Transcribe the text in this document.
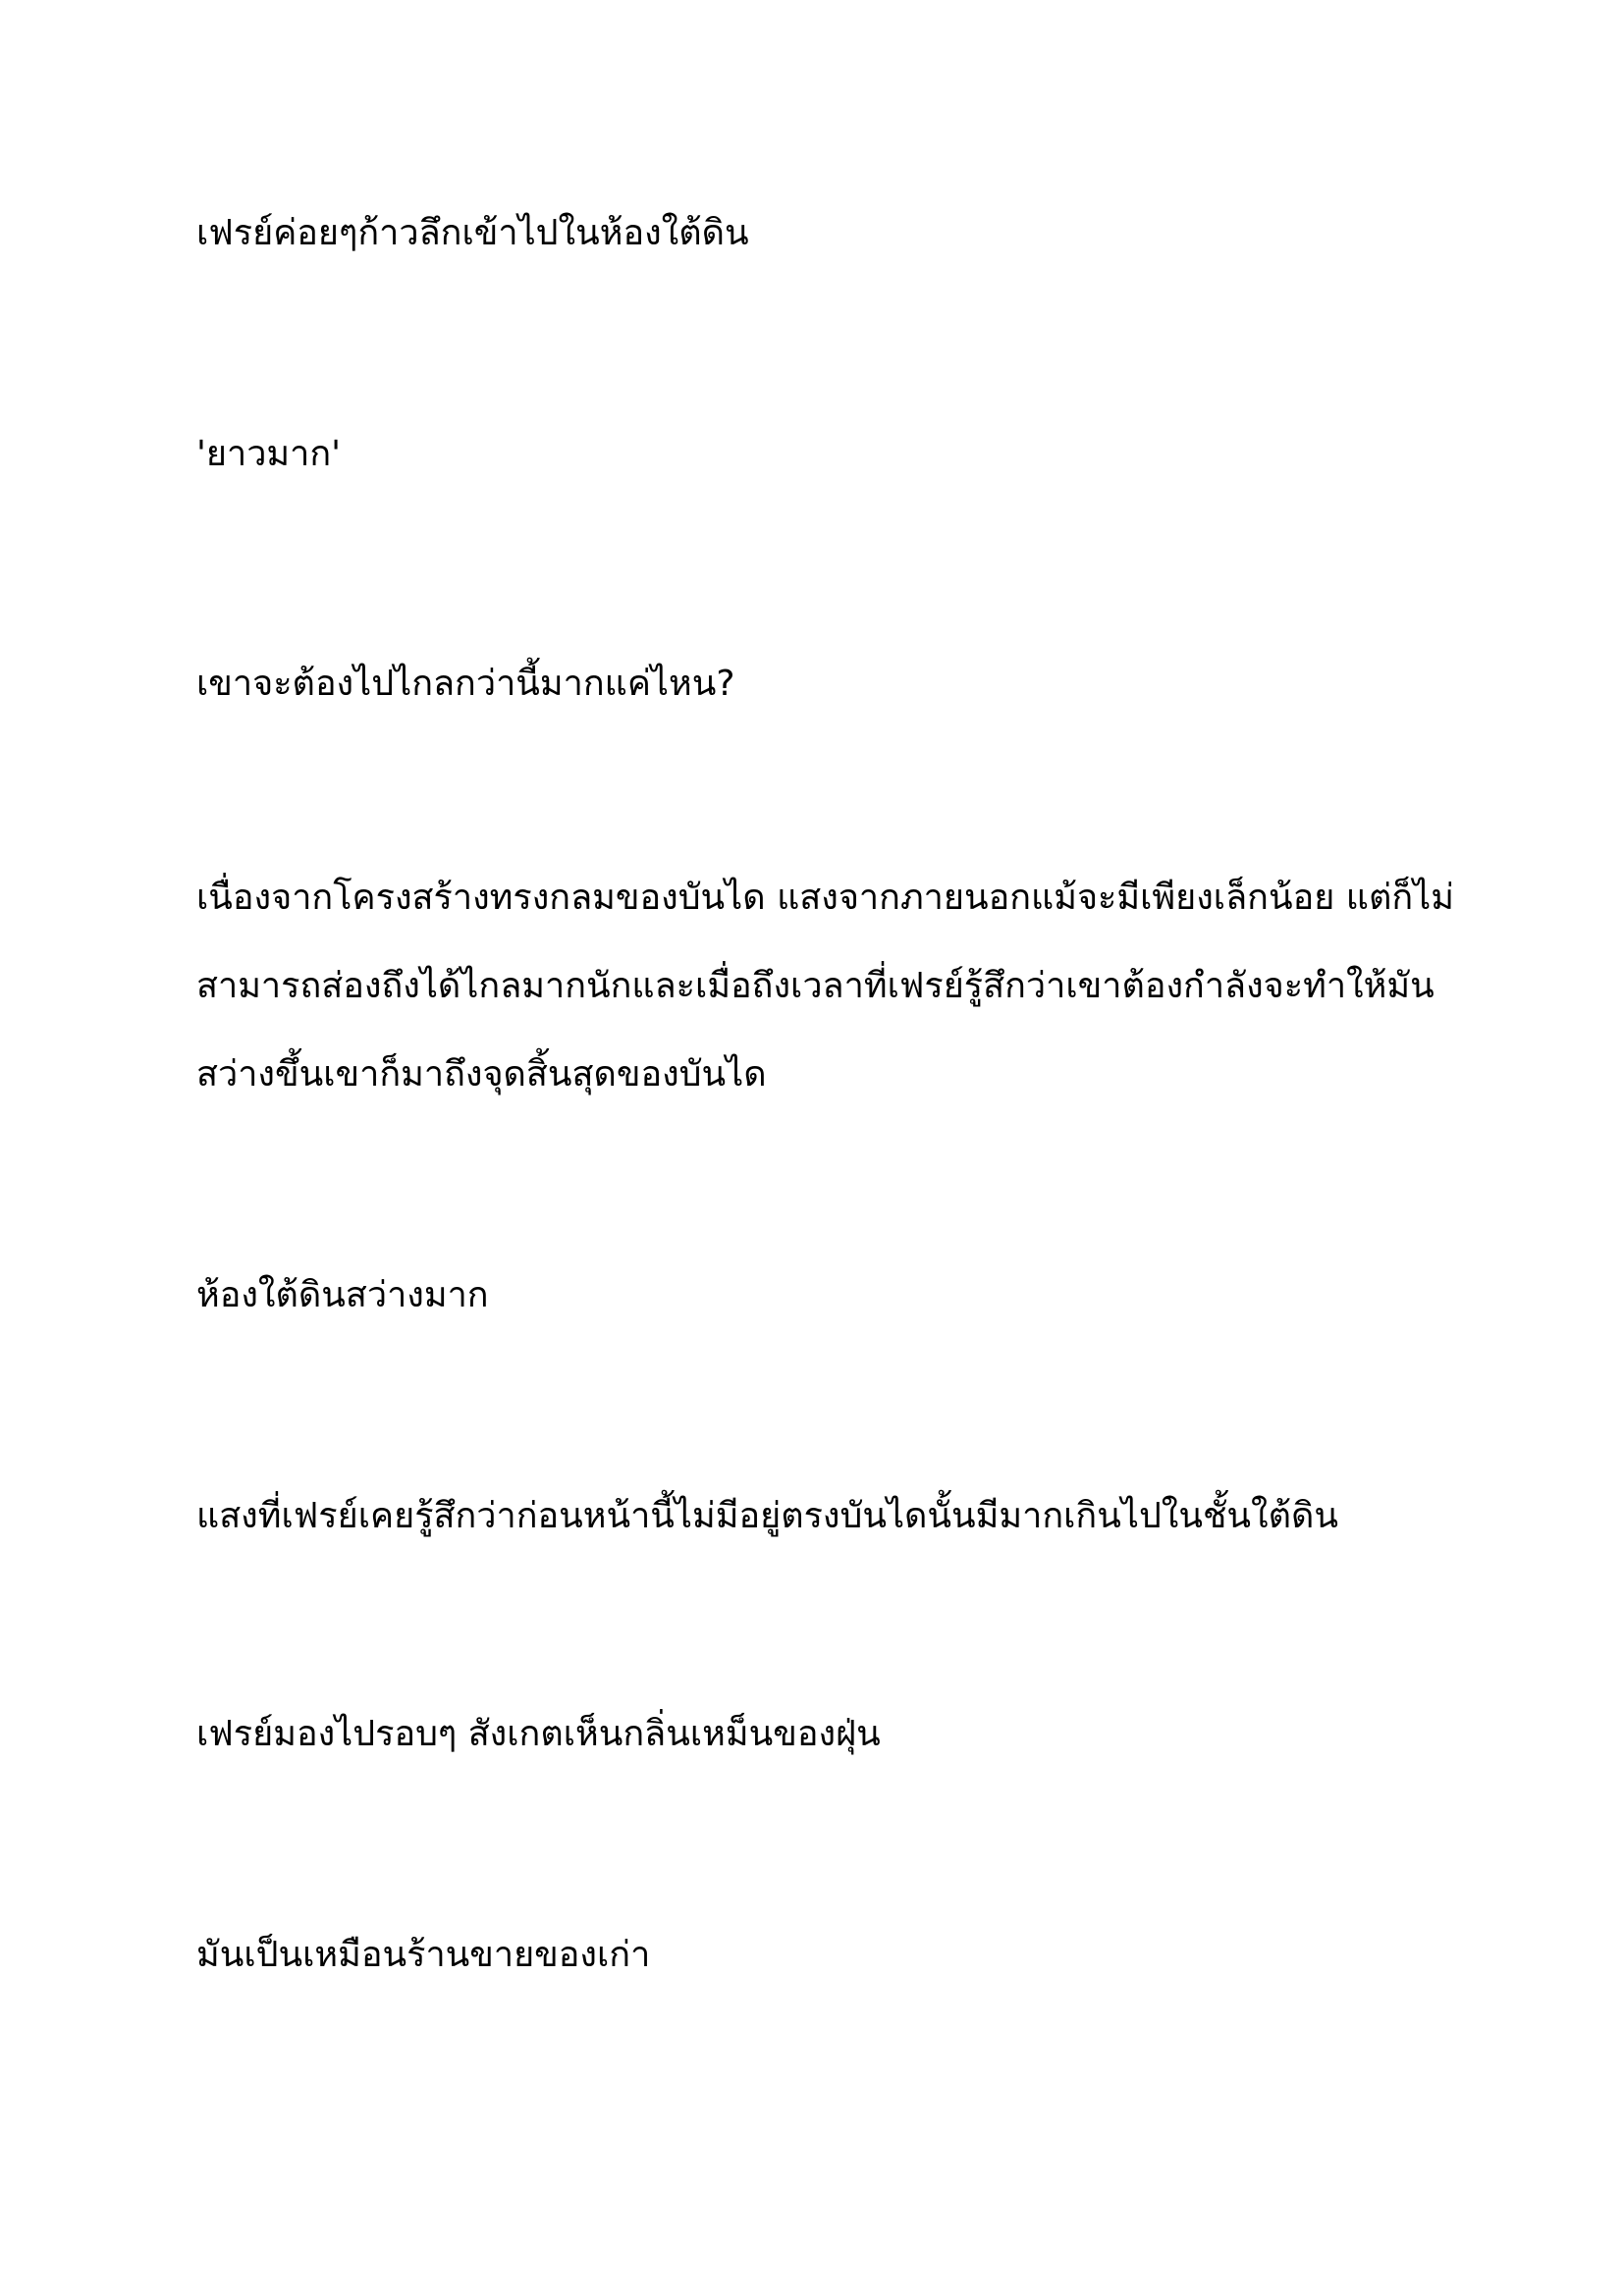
เฟรย์ค่อยๆก้าวลึกเข้าไปในห้องใต้ดิน

'ยาวมาก'

เขาจะต้องไปไกลกว่านี้มากแค่ไหน?

เนื่องจากโครงสร้างทรงกลมของบันได แสงจากภายนอกแม้จะมีเพียงเล็กน้อย แต่ก็ไม่
สามารถส่องถึงได้ไกลมากนักและเมื่อถึงเวลาที่เฟรย์รู้สึกว่าเขาต้องกำลังจะทำให้มัน
สว่างขึ้นเขาก็มาถึงจุดสิ้นสุดของบันได

ห้องใต้ดินสว่างมาก

แสงที่เฟรย์เคยรู้สึกว่าก่อนหน้านี้ไม่มีอยู่ตรงบันไดนั้นมีมากเกินไปในชั้นใต้ดิน

เฟรย์มองไปรอบๆ สังเกตเห็นกลิ่นเหม็นของฝุ่น

มันเป็นเหมือนร้านขายของเก่า
